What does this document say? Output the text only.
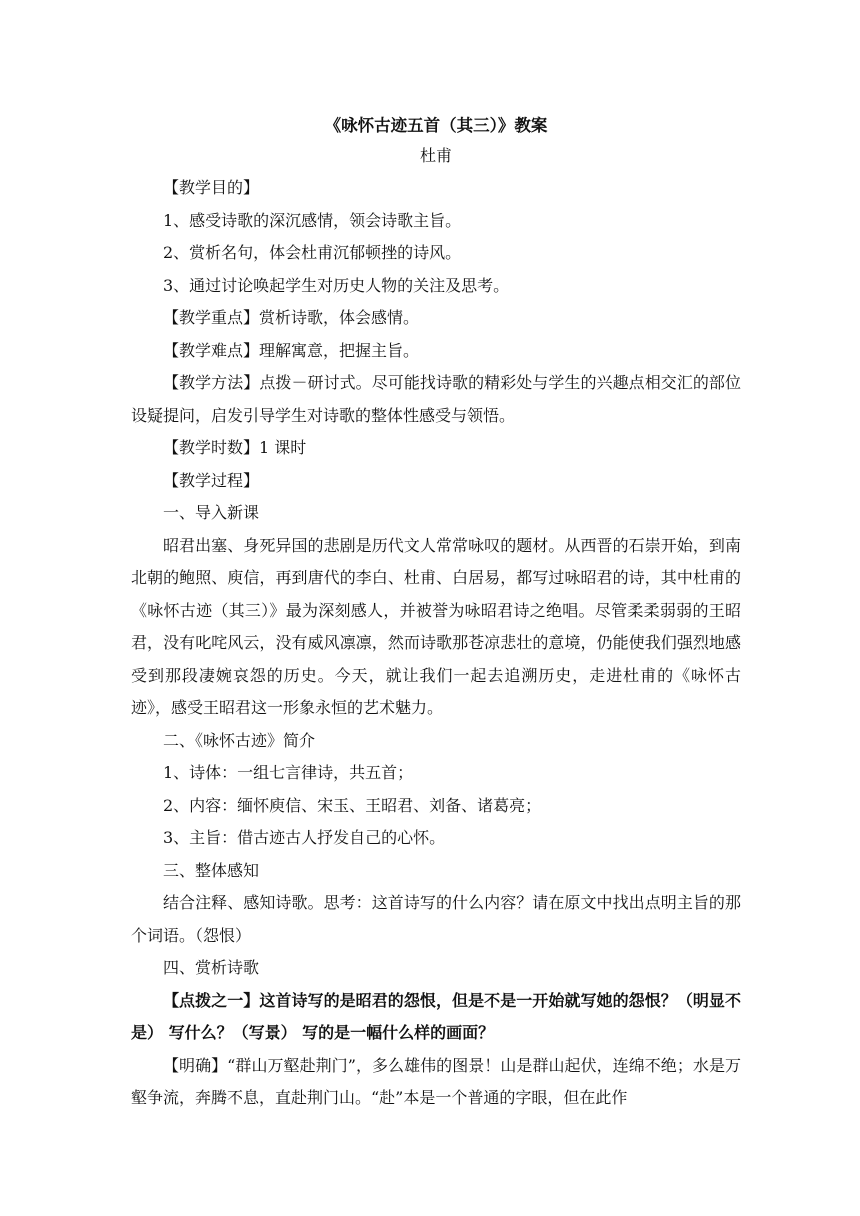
《咏怀古迹五首（其三）》教案
杜甫

【教学目的】

1、感受诗歌的深沉感情，领会诗歌主旨。

2、赏析名句，体会杜甫沉郁顿挫的诗风。

3、通过讨论唤起学生对历史人物的关注及思考。

【教学重点】赏析诗歌，体会感情。

【教学难点】理解寓意，把握主旨。

【教学方法】点拨－研讨式。尽可能找诗歌的精彩处与学生的兴趣点相交汇的部位设疑提问，启发引导学生对诗歌的整体性感受与领悟。

【教学时数】1 课时

【教学过程】

一、导入新课

昭君出塞、身死异国的悲剧是历代文人常常咏叹的题材。从西晋的石崇开始，到南北朝的鲍照、庾信，再到唐代的李白、杜甫、白居易，都写过咏昭君的诗，其中杜甫的《咏怀古迹（其三）》最为深刻感人，并被誉为咏昭君诗之绝唱。尽管柔柔弱弱的王昭君，没有叱咤风云，没有威风凛凛，然而诗歌那苍凉悲壮的意境，仍能使我们强烈地感受到那段凄婉哀怨的历史。今天，就让我们一起去追溯历史，走进杜甫的《咏怀古迹》，感受王昭君这一形象永恒的艺术魅力。

二、《咏怀古迹》简介

1、诗体：一组七言律诗，共五首；

2、内容：缅怀庾信、宋玉、王昭君、刘备、诸葛亮；

3、主旨：借古迹古人抒发自己的心怀。

三、整体感知

结合注释、感知诗歌。思考：这首诗写的什么内容？请在原文中找出点明主旨的那个词语。（怨恨）

四、赏析诗歌

【点拨之一】这首诗写的是昭君的怨恨，但是不是一开始就写她的怨恨？（明显不是） 写什么？（写景） 写的是一幅什么样的画面？

【明确】“群山万壑赴荆门”，多么雄伟的图景！山是群山起伏，连绵不绝；水是万壑争流，奔腾不息，直赴荆门山。“赴”本是一个普通的字眼，但在此作
